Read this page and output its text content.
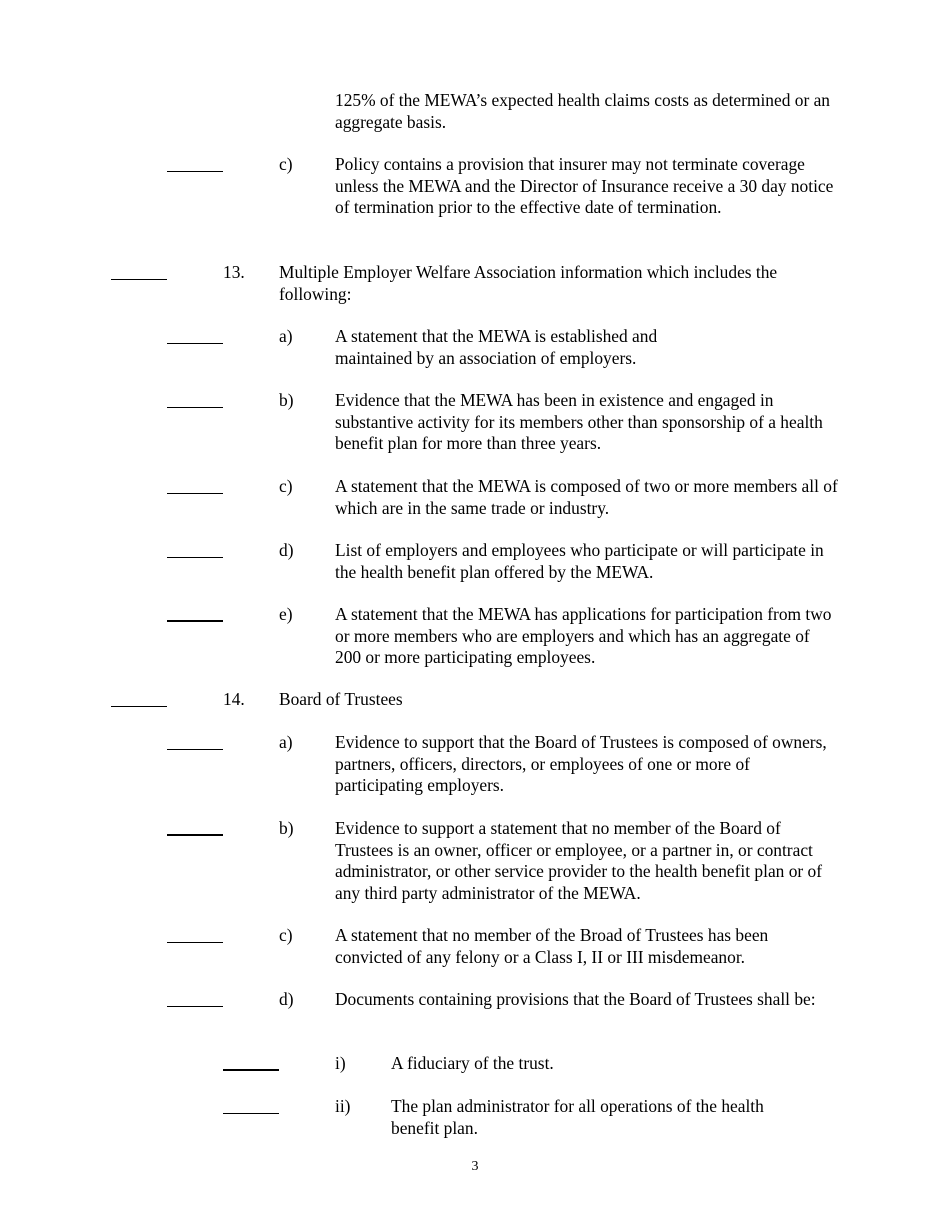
125% of the MEWA’s expected health claims costs as determined or an aggregate basis.
c) Policy contains a provision that insurer may not terminate coverage unless the MEWA and the Director of Insurance receive a 30 day notice of termination prior to the effective date of termination.
13. Multiple Employer Welfare Association information which includes the following:
a) A statement that the MEWA is established and maintained by an association of employers.
b) Evidence that the MEWA has been in existence and engaged in substantive activity for its members other than sponsorship of a health benefit plan for more than three years.
c) A statement that the MEWA is composed of two or more members all of which are in the same trade or industry.
d) List of employers and employees who participate or will participate in the health benefit plan offered by the MEWA.
e) A statement that the MEWA has applications for participation from two or more members who are employers and which has an aggregate of 200 or more participating employees.
14. Board of Trustees
a) Evidence to support that the Board of Trustees is composed of owners, partners, officers, directors, or employees of one or more of participating employers.
b) Evidence to support a statement that no member of the Board of Trustees is an owner, officer or employee, or a partner in, or contract administrator, or other service provider to the health benefit plan or of any third party administrator of the MEWA.
c) A statement that no member of the Broad of Trustees has been convicted of any felony or a Class I, II or III misdemeanor.
d) Documents containing provisions that the Board of Trustees shall be:
i)	A fiduciary of the trust.
ii) The plan administrator for all operations of the health benefit plan.
3
